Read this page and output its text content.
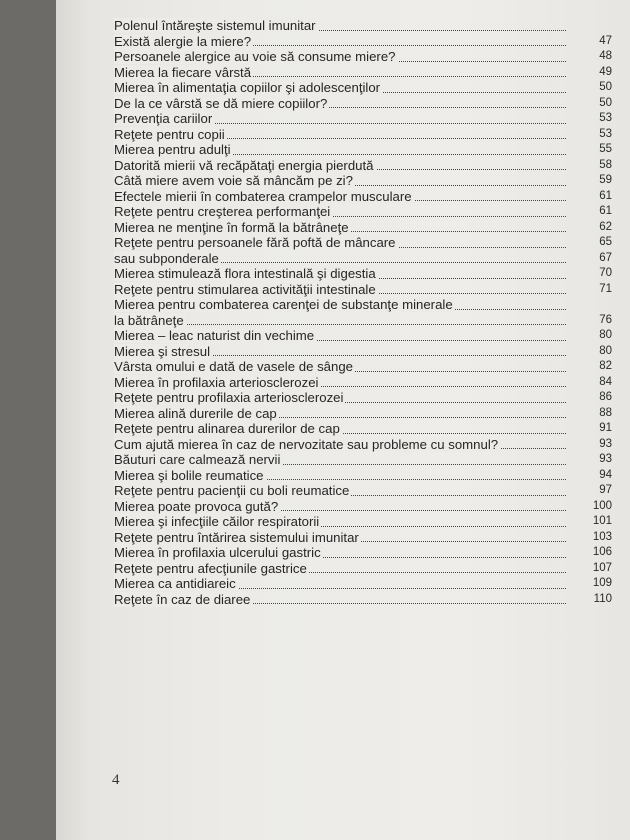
Polenul întăreşte sistemul imunitar
Există alergie la miere?	47
Persoanele alergice au voie să consume miere?	48
Mierea la fiecare vârstă	49
Mierea în alimentaţia copiilor şi adolescenţilor	50
De la ce vârstă se dă miere copiilor?	50
Prevenţia cariilor	53
Reţete pentru copii	53
Mierea pentru adulţi	55
Datorită mierii vă recăpătaţi energia pierdută	58
Câtă miere avem voie să mâncăm pe zi?	59
Efectele mierii în combaterea crampelor musculare	61
Reţete pentru creşterea performanţei	61
Mierea ne menţine în formă la bătrâneţe	62
Reţete pentru persoanele fără poftă de mâncare	65
sau subponderale	67
Mierea stimulează flora intestinală şi digestia	70
Reţete pentru stimularea activităţii intestinale	71
Mierea pentru combaterea carenţei de substanţe minerale
la bătrâneţe	76
Mierea – leac naturist din vechime	80
Mierea şi stresul	80
Vârsta omului e dată de vasele de sânge	82
Mierea în profilaxia arteriosclerozei	84
Reţete pentru profilaxia arteriosclerozei	86
Mierea alină durerile de cap	88
Reţete pentru alinarea durerilor de cap	91
Cum ajută mierea în caz de nervozitate sau probleme cu somnul?	93
Băuturi care calmează nervii	93
Mierea şi bolile reumatice	94
Reţete pentru pacienţii cu boli reumatice	97
Mierea poate provoca gută?	100
Mierea şi infecţiile căilor respiratorii	101
Reţete pentru întărirea sistemului imunitar	103
Mierea în profilaxia ulcerului gastric	106
Reţete pentru afecţiunile gastrice	107
Mierea ca antidiareic	109
Reţete în caz de diaree	110
4
